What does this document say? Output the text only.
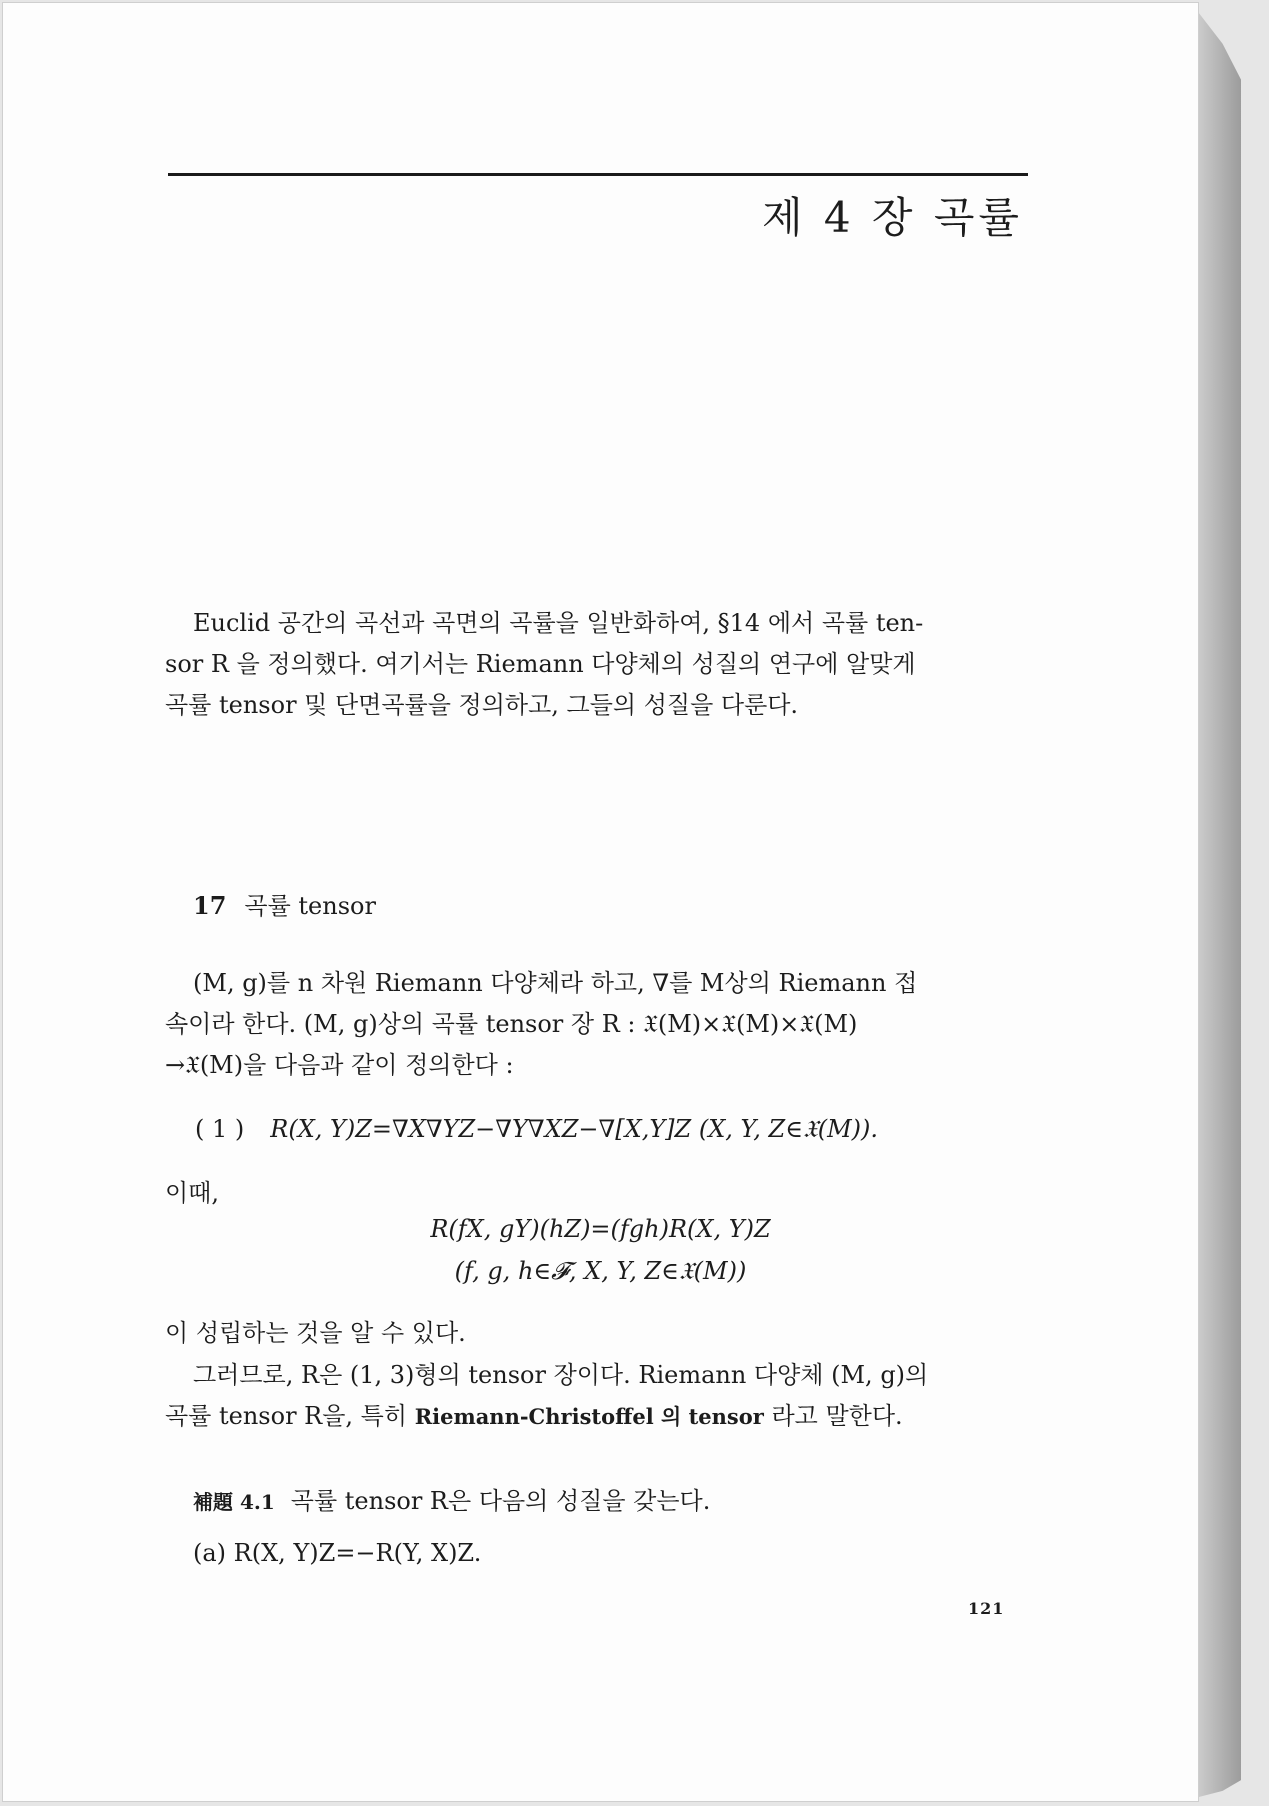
제 4 장 곡률

Euclid 공간의 곡선과 곡면의 곡률을 일반화하여, §14 에서 곡률 ten-
sor R 을 정의했다. 여기서는 Riemann 다양체의 성질의 연구에 알맞게
곡률 tensor 및 단면곡률을 정의하고, 그들의 성질을 다룬다.

17 곡률 tensor

(M, g)를 n 차원 Riemann 다양체라 하고, ∇를 M상의 Riemann 접
속이라 한다. (M, g)상의 곡률 tensor 장 R : 𝔛(M)×𝔛(M)×𝔛(M)
→𝔛(M)을 다음과 같이 정의한다 :

( 1 ) R(X, Y)Z=∇X∇YZ−∇Y∇XZ−∇[X,Y]Z (X, Y, Z∈𝔛(M)).
이때,
R(fX, gY)(hZ)=(fgh)R(X, Y)Z
(f, g, h∈𝓕, X, Y, Z∈𝔛(M))
이 성립하는 것을 알 수 있다.

그러므로, R은 (1, 3)형의 tensor 장이다. Riemann 다양체 (M, g)의
곡률 tensor R을, 특히 Riemann-Christoffel 의 tensor 라고 말한다.

補題 4.1 곡률 tensor R은 다음의 성질을 갖는다.
(a) R(X, Y)Z=−R(Y, X)Z.
121
